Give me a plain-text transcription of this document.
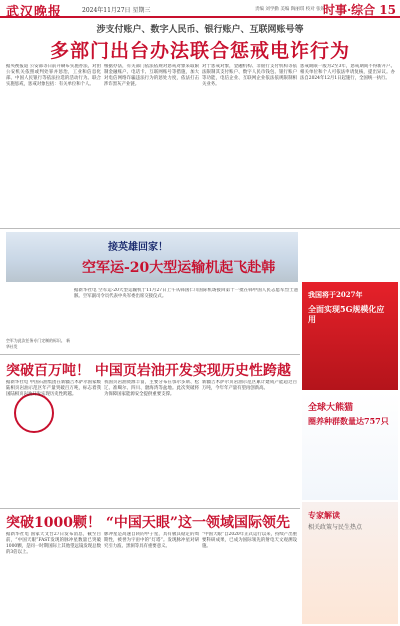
武汉晚报	2024年11月27日 星期三	责编 刘学勤 美编 陶丽琪 校对 张锐
时事·综合 15
涉支付账户、数字人民币、银行账户、互联网账号等
多部门出台办法联合惩戒电诈行为
据央视报道 公安部等日前开刷布实施办法，对由公安机关依照或判处罪并惩治，工业和信息化部、中国人民银行等依法拉选的活动行为。联合实施惩戒，惩戒对象包括：有关单位和个人。
根据办法，有关部门依法依规对惩戒对象采取限制金融账户、电话卡、互联网账号等措施，加大对电信网络诈骗违法行为的惩处力度，依法打击涉诈黑灰产业链。
对于惩戒对象，金融机构、非银行支付机构等依法限制其支付账户、数字人民币钱包、银行账户等功能，电信企业、互联网企业依法依规限制相关业务。
惩戒期限一般为2至3年，惩戒期间不得新开户。相关单位和个人可依法申请复核，提出异议。办法自2024年12月1日起施行，全国统一执行。
接英雄回家！
空军运-20大型运输机起飞赴韩
空军为此次任务专门定制的标识。 新华社发
据新华社电 空军运-20大型运输机于11月27日上午从韩国仁川国际机场接回第十一批在韩中国人民志愿军烈士遗骸。空军副司令员代表中央军委出席交接仪式。
突破百万吨！ 中国页岩油开发实现历史性跨越
据新华社电 中国石油集团在新疆吉木萨尔国家级陆相页岩油示范区年产量突破百万吨，标志着我国陆相页岩油开发实现历史性跨越。
我国页岩油资源丰富，主要分布在鄂尔多斯、松辽、准噶尔、四川、渤海湾等盆地。此次突破将为保障国家能源安全提供重要支撑。
新疆吉木萨尔页岩油示范区累计建成产能超过百万吨，今年年产量有望再创新高。
突破1000颗！ “中国天眼”这一领域国际领先
据新华社电 国家天文台27日发布消息，截至目前，“中国天眼”FAST发现的脉冲星数量已突破1000颗，是同一时期国际上其他望远镜发现总数的3倍以上。
脉冲星是高速自转的中子星，具有极其稳定的周期性，被誉为宇宙中的“灯塔”。发现脉冲星对研究引力波、黑洞等具有重要意义。
“中国天眼”自2020年正式运行以来，持续产出重要科研成果，已成为国际领先的射电天文观测设施。
我国将于2027年
全面实现5G规模化应用
全球大熊猫
圈养种群数量达757只
专家解读
相关政策与民生热点
